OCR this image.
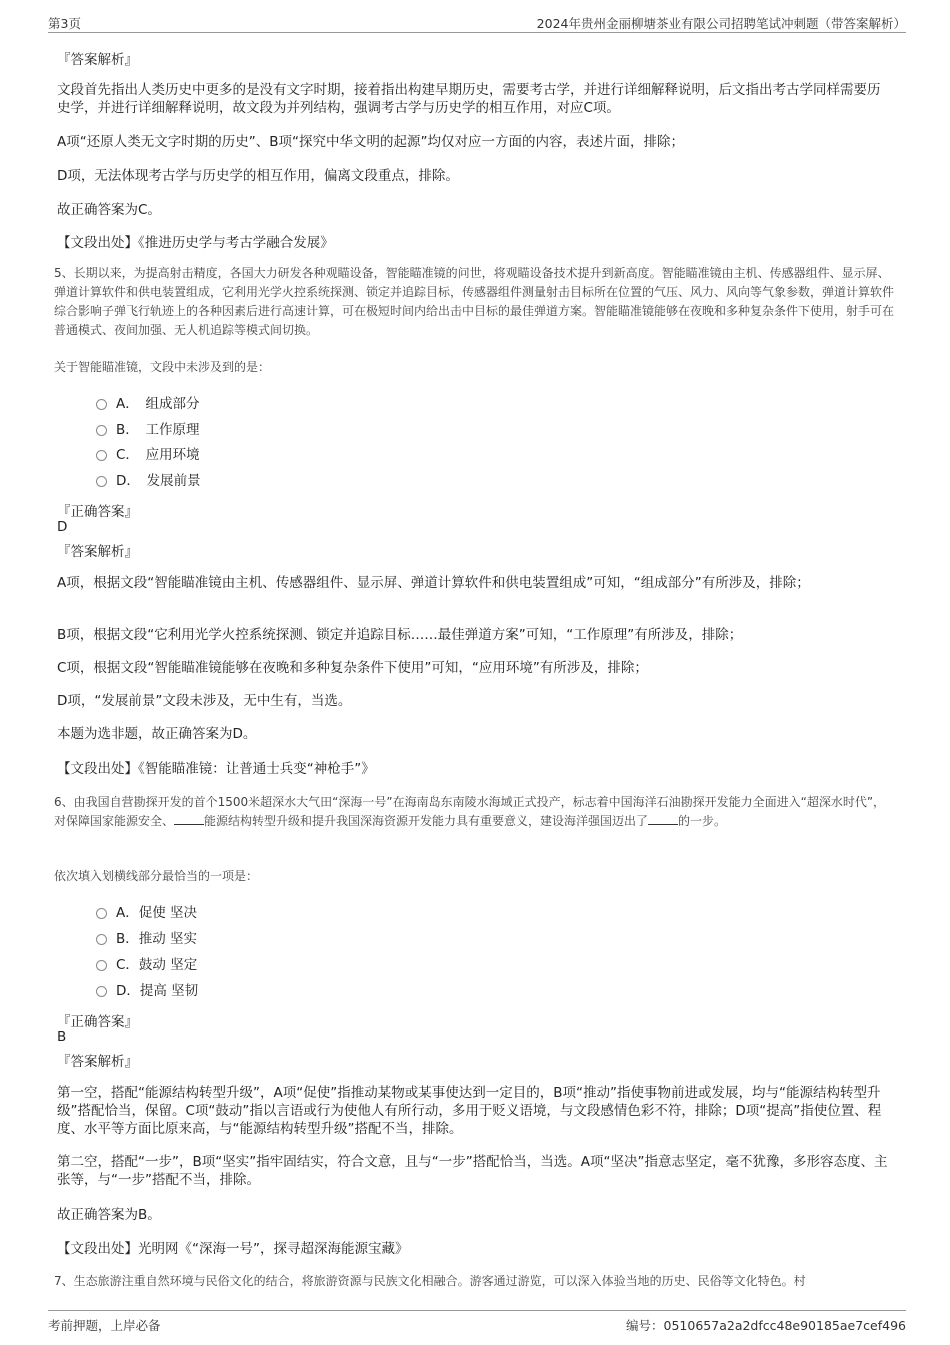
第3页	2024年贵州金丽柳塘茶业有限公司招聘笔试冲刺题（带答案解析）
『答案解析』

文段首先指出人类历史中更多的是没有文字时期，接着指出构建早期历史，需要考古学，并进行详细解释说明，后文指出考古学同样需要历史学，并进行详细解释说明，故文段为并列结构，强调考古学与历史学的相互作用，对应C项。

A项“还原人类无文字时期的历史”、B项“探究中华文明的起源”均仅对应一方面的内容，表述片面，排除；

D项，无法体现考古学与历史学的相互作用，偏离文段重点，排除。

故正确答案为C。

【文段出处】《推进历史学与考古学融合发展》

5、长期以来，为提高射击精度，各国大力研发各种观瞄设备，智能瞄准镜的问世，将观瞄设备技术提升到新高度。智能瞄准镜由主机、传感器组件、显示屏、弹道计算软件和供电装置组成，它利用光学火控系统探测、锁定并追踪目标，传感器组件测量射击目标所在位置的气压、风力、风向等气象参数，弹道计算软件综合影响子弹飞行轨迹上的各种因素后进行高速计算，可在极短时间内给出击中目标的最佳弹道方案。智能瞄准镜能够在夜晚和多种复杂条件下使用，射手可在普通模式、夜间加强、无人机追踪等模式间切换。

关于智能瞄准镜，文段中未涉及到的是：

A．　组成部分
B．　工作原理
C．　应用环境
D．　发展前景
『正确答案』
D
『答案解析』

A项，根据文段“智能瞄准镜由主机、传感器组件、显示屏、弹道计算软件和供电装置组成”可知，“组成部分”有所涉及，排除；

B项，根据文段“它利用光学火控系统探测、锁定并追踪目标……最佳弹道方案”可知，“工作原理”有所涉及，排除；

C项，根据文段“智能瞄准镜能够在夜晚和多种复杂条件下使用”可知，“应用环境”有所涉及，排除；

D项，“发展前景”文段未涉及，无中生有，当选。

本题为选非题，故正确答案为D。

【文段出处】《智能瞄准镜：让普通士兵变“神枪手”》

6、由我国自营勘探开发的首个1500米超深水大气田“深海一号”在海南岛东南陵水海域正式投产，标志着中国海洋石油勘探开发能力全面进入“超深水时代”，对保障国家能源安全、	能源结构转型升级和提升我国深海资源开发能力具有重要意义，建设海洋强国迈出了	的一步。

依次填入划横线部分最恰当的一项是：

A．促使 坚决
B．推动 坚实
C．鼓动 坚定
D．提高 坚韧
『正确答案』
B
『答案解析』

第一空，搭配“能源结构转型升级”，A项“促使”指推动某物或某事使达到一定目的，B项“推动”指使事物前进或发展，均与“能源结构转型升级”搭配恰当，保留。C项“鼓动”指以言语或行为使他人有所行动，多用于贬义语境，与文段感情色彩不符，排除；D项“提高”指使位置、程度、水平等方面比原来高，与“能源结构转型升级”搭配不当，排除。

第二空，搭配“一步”，B项“坚实”指牢固结实，符合文意，且与“一步”搭配恰当，当选。A项“坚决”指意志坚定，毫不犹豫，多形容态度、主张等，与“一步”搭配不当，排除。

故正确答案为B。

【文段出处】光明网《“深海一号”，探寻超深海能源宝藏》

7、生态旅游注重自然环境与民俗文化的结合，将旅游资源与民族文化相融合。游客通过游览，可以深入体验当地的历史、民俗等文化特色。村

考前押题，上岸必备	编号：0510657a2a2dfcc48e90185ae7cef496
